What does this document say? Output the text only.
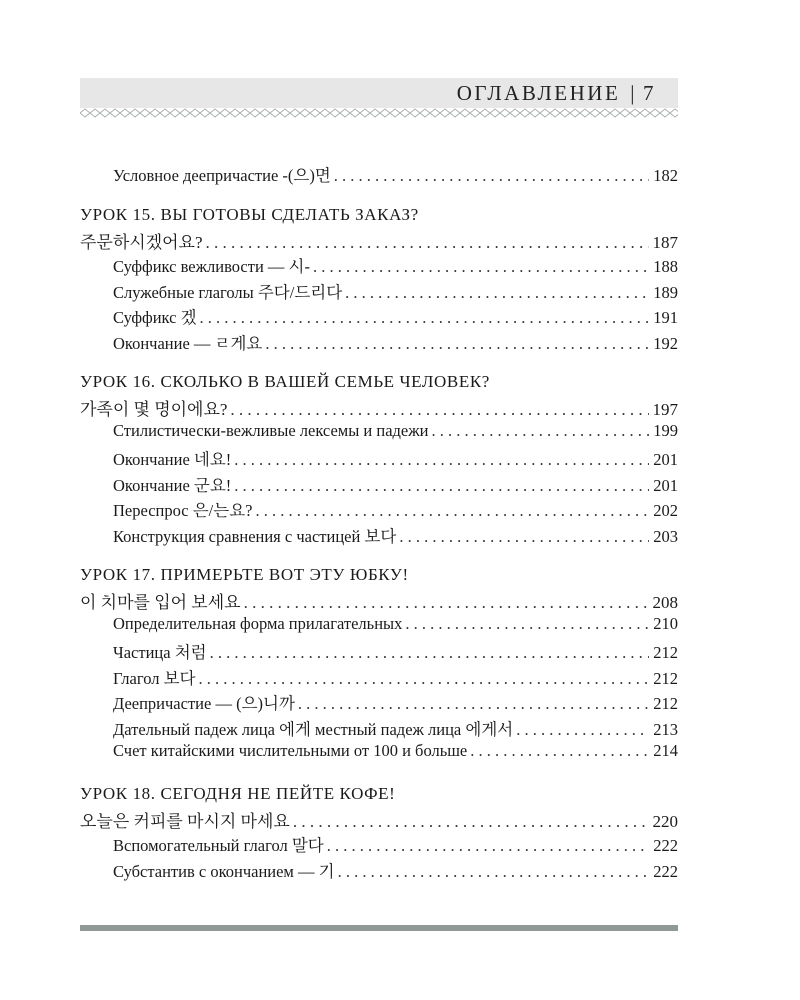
ОГЛАВЛЕНИЕ | 7
Условное деепричастие -(으)면 . . .	182
УРОК 15. ВЫ ГОТОВЫ СДЕЛАТЬ ЗАКАЗ?
주문하시겠어요? . . .	187
Суффикс вежливости — 시- . . .	188
Служебные глаголы 주다/드리다 . . .	189
Суффикс 겠 . . .	191
Окончание — ㄹ게요 . . .	192
УРОК 16. СКОЛЬКО В ВАШЕЙ СЕМЬЕ ЧЕЛОВЕК?
가족이 몇 명이에요? . . .	197
Стилистически-вежливые лексемы и падежи . . .	199
Окончание 네요! . . .	201
Окончание 군요! . . .	201
Переспрос 은/는요? . . .	202
Конструкция сравнения с частицей 보다 . . .	203
УРОК 17. ПРИМЕРЬТЕ ВОТ ЭТУ ЮБКУ!
이 치마를 입어 보세요 . . .	208
Определительная форма прилагательных . . .	210
Частица 처럼 . . .	212
Глагол 보다 . . .	212
Деепричастие — (으)니까 . . .	212
Дательный падеж лица 에게 местный падеж лица 에게서 . . .	213
Счет китайскими числительными от 100 и больше . . .	214
УРОК 18. СЕГОДНЯ НЕ ПЕЙТЕ КОФЕ!
오늘은 커피를 마시지 마세요 . . .	220
Вспомогательный глагол 말다 . . .	222
Субстантив с окончанием — 기 . . .	222
